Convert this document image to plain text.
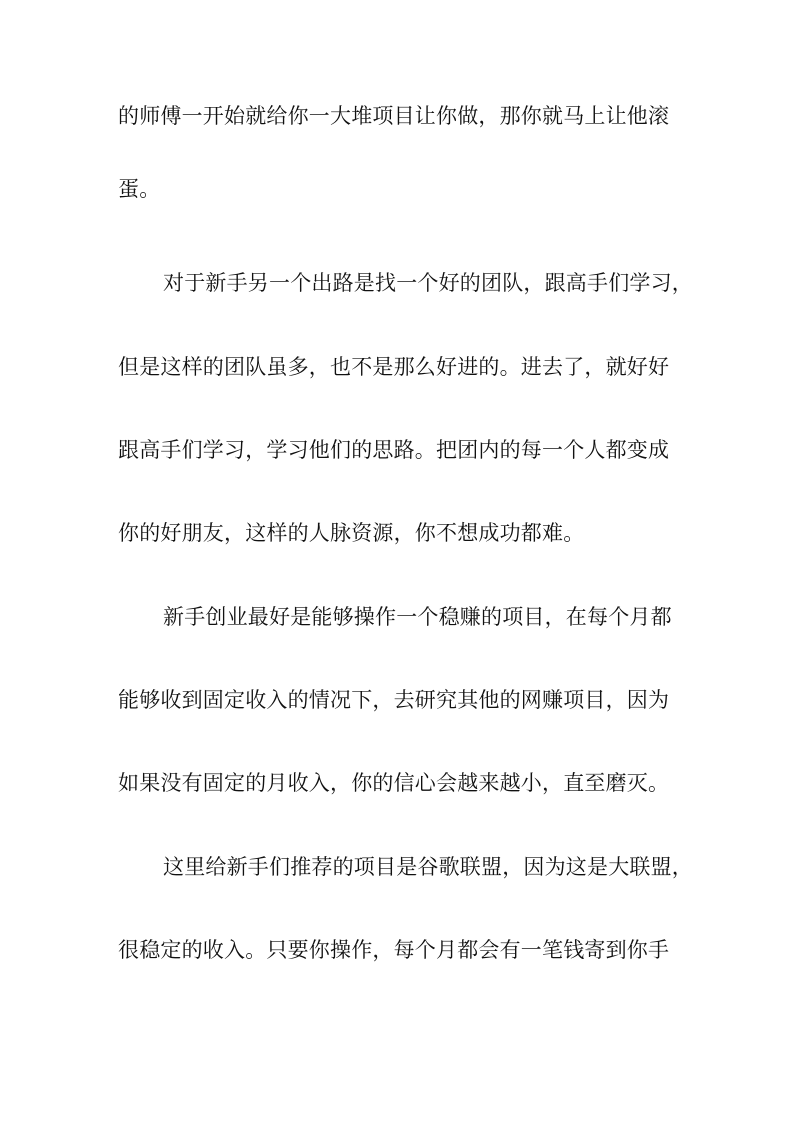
的师傅一开始就给你一大堆项目让你做，那你就马上让他滚
蛋。
对于新手另一个出路是找一个好的团队，跟高手们学习，
但是这样的团队虽多，也不是那么好进的。进去了，就好好
跟高手们学习，学习他们的思路。把团内的每一个人都变成
你的好朋友，这样的人脉资源，你不想成功都难。
新手创业最好是能够操作一个稳赚的项目，在每个月都
能够收到固定收入的情况下，去研究其他的网赚项目，因为
如果没有固定的月收入，你的信心会越来越小，直至磨灭。
这里给新手们推荐的项目是谷歌联盟，因为这是大联盟，
很稳定的收入。只要你操作，每个月都会有一笔钱寄到你手
